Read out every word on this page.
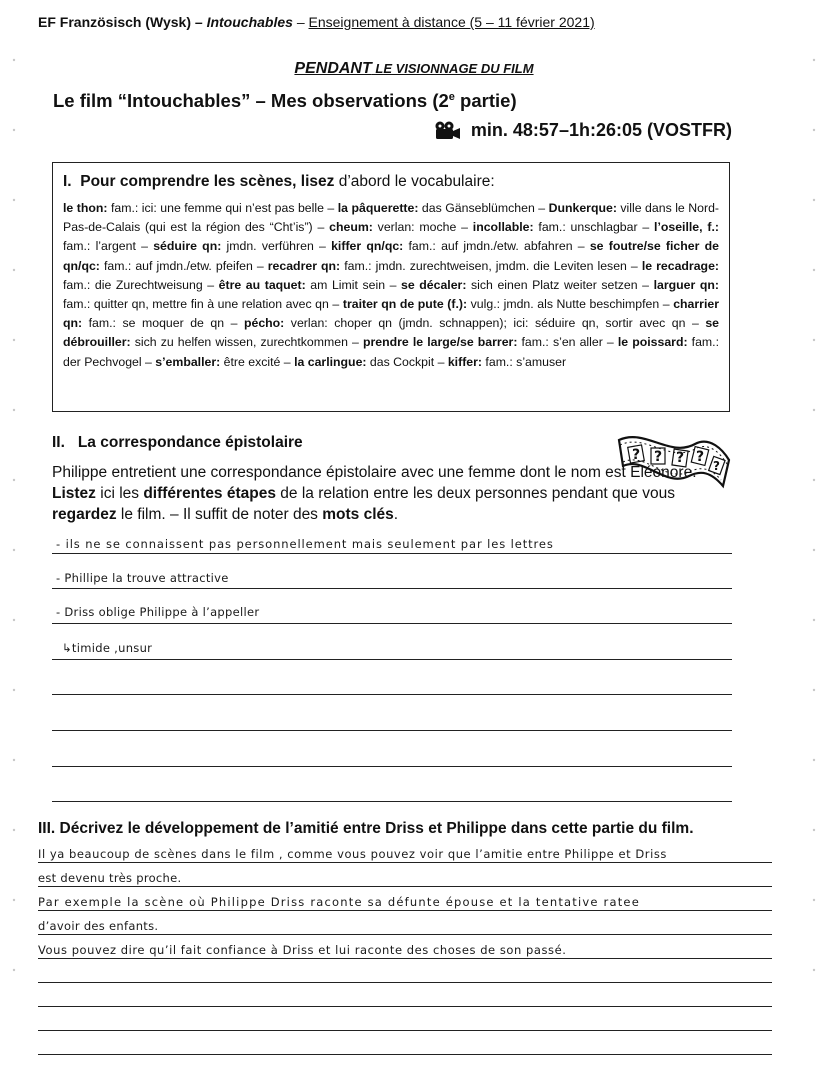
EF Französisch (Wysk) – Intouchables – Enseignement à distance (5 – 11 février 2021)
PENDANT LE VISIONNAGE DU FILM
Le film “Intouchables” – Mes observations (2e partie)
min. 48:57–1h:26:05 (VOSTFR)
I. Pour comprendre les scènes, lisez d’abord le vocabulaire:
le thon: fam.: ici: une femme qui n’est pas belle – la pâquerette: das Gänseblümchen – Dunkerque: ville dans le Nord-Pas-de-Calais (qui est la région des “Cht’is”) – cheum: verlan: moche – incollable: fam.: unschlagbar – l’oseille, f.: fam.: l’argent – séduire qn: jmdn. verführen – kiffer qn/qc: fam.: auf jmdn./etw. abfahren – se foutre/se ficher de qn/qc: fam.: auf jmdn./etw. pfeifen – recadrer qn: fam.: jmdn. zurechtweisen, jmdm. die Leviten lesen – le recadrage: fam.: die Zurechtweisung – être au taquet: am Limit sein – se décaler: sich einen Platz weiter setzen – larguer qn: fam.: quitter qn, mettre fin à une relation avec qn – traiter qn de pute (f.): vulg.: jmdn. als Nutte beschimpfen – charrier qn: fam.: se moquer de qn – pécho: verlan: choper qn (jmdn. schnappen); ici: séduire qn, sortir avec qn – se débrouiller: sich zu helfen wissen, zurechtkommen – prendre le large/se barrer: fam.: s’en aller – le poissard: fam.: der Pechvogel – s’emballer: être excité – la carlingue: das Cockpit – kiffer: fam.: s’amuser
II.   La correspondance épistolaire
? ? ? ?
?
Philippe entretient une correspondance épistolaire avec une femme dont le nom est Eléonore. Listez ici les différentes étapes de la relation entre les deux personnes pendant que vous regardez le film. – Il suffit de noter des mots clés.
- ils ne se connaissent pas personnellement mais seulement par les lettres
- Phillipe la trouve attractive
- Driss oblige Philippe à l’appeller
↳timide ,unsur
III. Décrivez le développement de l’amitié entre Driss et Philippe dans cette partie du film.
Il ya beaucoup de scènes dans le film , comme vous pouvez voir que l’amitie entre Philippe et Driss
est devenu très proche.
Par exemple la scène où Philippe Driss raconte sa défunte épouse et la tentative ratee
d’avoir des enfants.
Vous pouvez dire qu’il fait confiance à Driss et lui raconte des choses de son passé.
